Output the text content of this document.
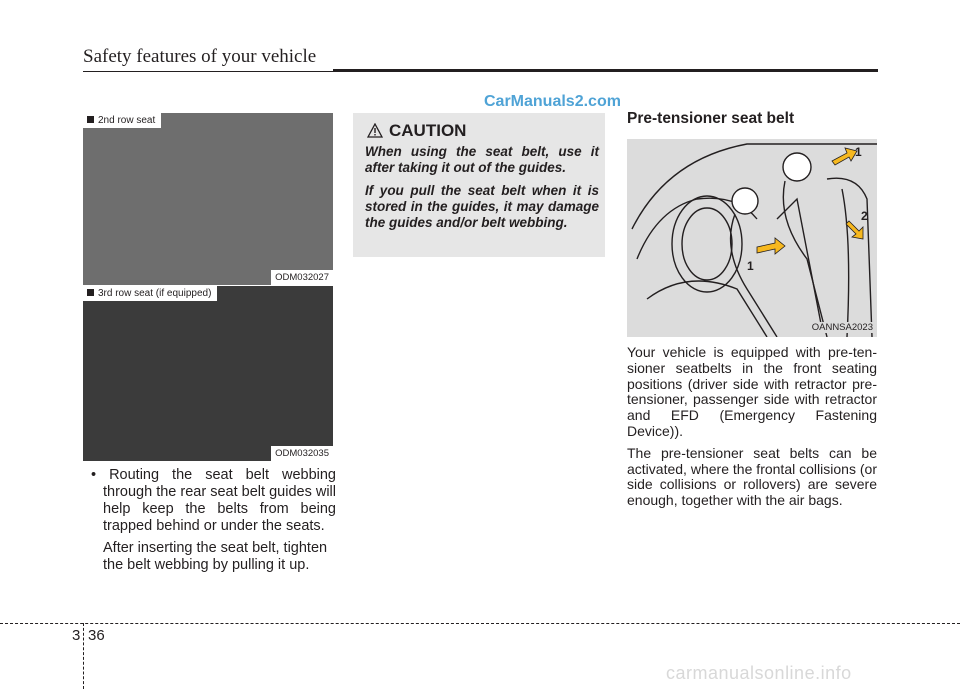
Safety features of your vehicle
CarManuals2.com
2nd row seat
ODM032027
3rd row seat (if equipped)
ODM032035

• Routing the seat belt webbing through the rear seat belt guides will help keep the belts from being trapped behind or under the seats.

After inserting the seat belt, tighten the belt webbing by pulling it up.

CAUTION

When using the seat belt, use it after taking it out of the guides.

If you pull the seat belt when it is stored in the guides, it may damage the guides and/or belt webbing.

Pre-tensioner seat belt
1
2
1
OANNSA2023

Your vehicle is equipped with pre-ten- sioner seatbelts in the front seating positions (driver side with retractor pre-tensioner, passenger side with retractor and EFD (Emergency Fastening Device)).

The pre-tensioner seat belts can be activated, where the frontal collisions (or side collisions or rollovers) are severe enough, together with the air bags.

3 36
carmanualsonline.info
